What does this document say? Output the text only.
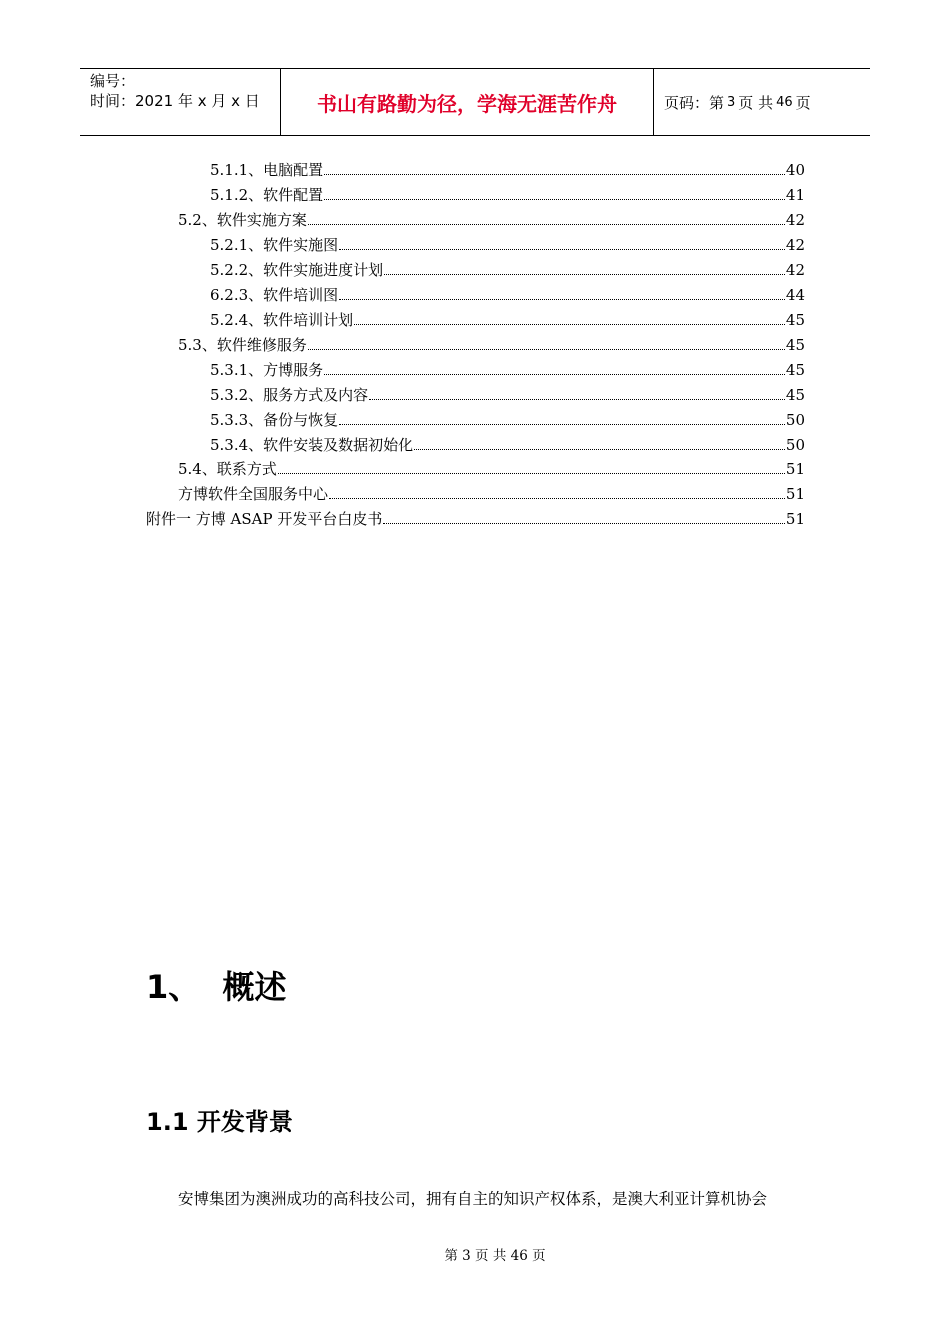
编号：
时间：2021 年 x 月 x 日	书山有路勤为径，学海无涯苦作舟	页码：第 3 页 共 46 页
5.1.1、电脑配置	40
5.1.2、软件配置	41
5.2、软件实施方案	42
5.2.1、软件实施图	42
5.2.2、软件实施进度计划	42
6.2.3、软件培训图	44
5.2.4、软件培训计划	45
5.3、软件维修服务	45
5.3.1、方博服务	45
5.3.2、服务方式及内容	45
5.3.3、备份与恢复	50
5.3.4、软件安装及数据初始化	50
5.4、联系方式	51
方博软件全国服务中心	51
附件一 方博 ASAP 开发平台白皮书	51
1、  概述
1.1 开发背景
安博集团为澳洲成功的高科技公司，拥有自主的知识产权体系，是澳大利亚计算机协会
第 3 页 共 46 页
